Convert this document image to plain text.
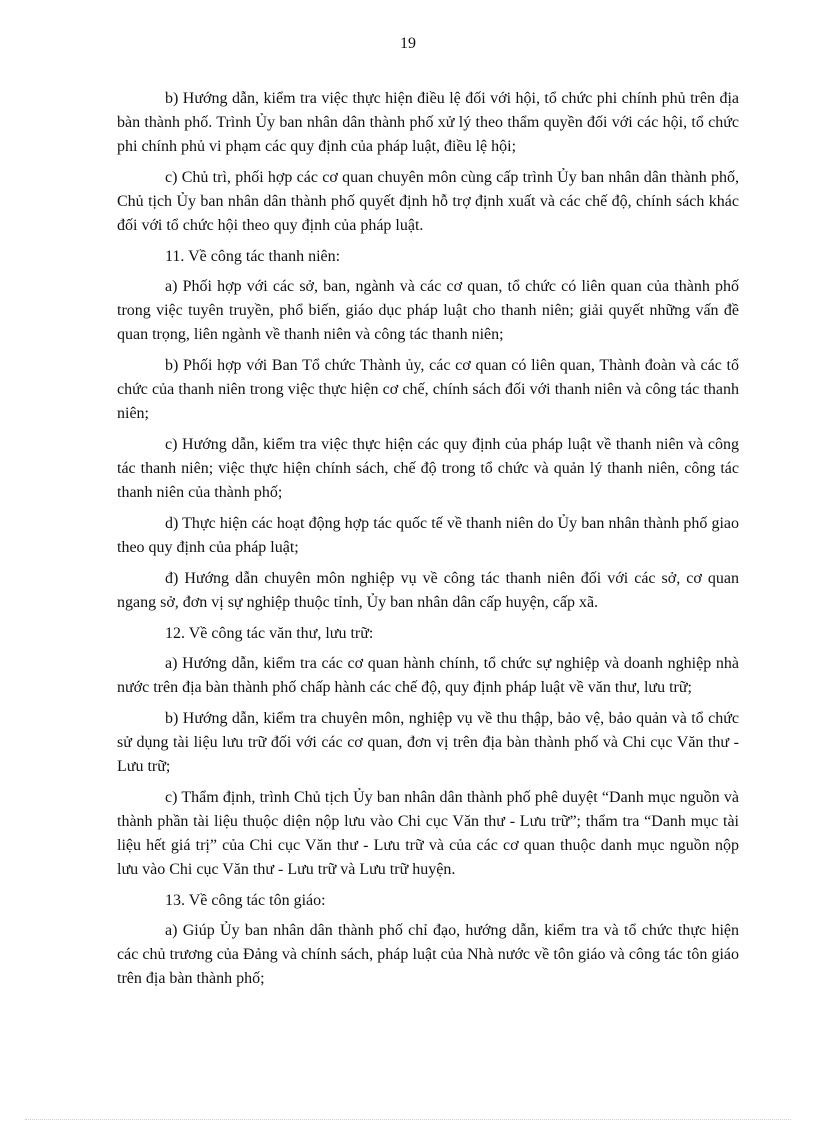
19

b) Hướng dẫn, kiểm tra việc thực hiện điều lệ đối với hội, tổ chức phi chính phủ trên địa bàn thành phố. Trình Ủy ban nhân dân thành phố xử lý theo thẩm quyền đối với các hội, tổ chức phi chính phủ vi phạm các quy định của pháp luật, điều lệ hội;

c) Chủ trì, phối hợp các cơ quan chuyên môn cùng cấp trình Ủy ban nhân dân thành phố, Chủ tịch Ủy ban nhân dân thành phố quyết định hỗ trợ định xuất và các chế độ, chính sách khác đối với tổ chức hội theo quy định của pháp luật.

11. Về công tác thanh niên:

a) Phối hợp với các sở, ban, ngành và các cơ quan, tổ chức có liên quan của thành phố trong việc tuyên truyền, phổ biến, giáo dục pháp luật cho thanh niên; giải quyết những vấn đề quan trọng, liên ngành về thanh niên và công tác thanh niên;

b) Phối hợp với Ban Tổ chức Thành ủy, các cơ quan có liên quan, Thành đoàn và các tổ chức của thanh niên trong việc thực hiện cơ chế, chính sách đối với thanh niên và công tác thanh niên;

c) Hướng dẫn, kiểm tra việc thực hiện các quy định của pháp luật về thanh niên và công tác thanh niên; việc thực hiện chính sách, chế độ trong tổ chức và quản lý thanh niên, công tác thanh niên của thành phố;

d) Thực hiện các hoạt động hợp tác quốc tế về thanh niên do Ủy ban nhân thành phố giao theo quy định của pháp luật;

đ) Hướng dẫn chuyên môn nghiệp vụ về công tác thanh niên đối với các sở, cơ quan ngang sở, đơn vị sự nghiệp thuộc tỉnh, Ủy ban nhân dân cấp huyện, cấp xã.

12. Về công tác văn thư, lưu trữ:

a) Hướng dẫn, kiểm tra các cơ quan hành chính, tổ chức sự nghiệp và doanh nghiệp nhà nước trên địa bàn thành phố chấp hành các chế độ, quy định pháp luật về văn thư, lưu trữ;

b) Hướng dẫn, kiểm tra chuyên môn, nghiệp vụ về thu thập, bảo vệ, bảo quản và tổ chức sử dụng tài liệu lưu trữ đối với các cơ quan, đơn vị trên địa bàn thành phố và Chi cục Văn thư - Lưu trữ;

c) Thẩm định, trình Chủ tịch Ủy ban nhân dân thành phố phê duyệt “Danh mục nguồn và thành phần tài liệu thuộc diện nộp lưu vào Chi cục Văn thư - Lưu trữ”; thẩm tra “Danh mục tài liệu hết giá trị” của Chi cục Văn thư - Lưu trữ và của các cơ quan thuộc danh mục nguồn nộp lưu vào Chi cục Văn thư - Lưu trữ và Lưu trữ huyện.

13. Về công tác tôn giáo:

a) Giúp Ủy ban nhân dân thành phố chỉ đạo, hướng dẫn, kiểm tra và tổ chức thực hiện các chủ trương của Đảng và chính sách, pháp luật của Nhà nước về tôn giáo và công tác tôn giáo trên địa bàn thành phố;
